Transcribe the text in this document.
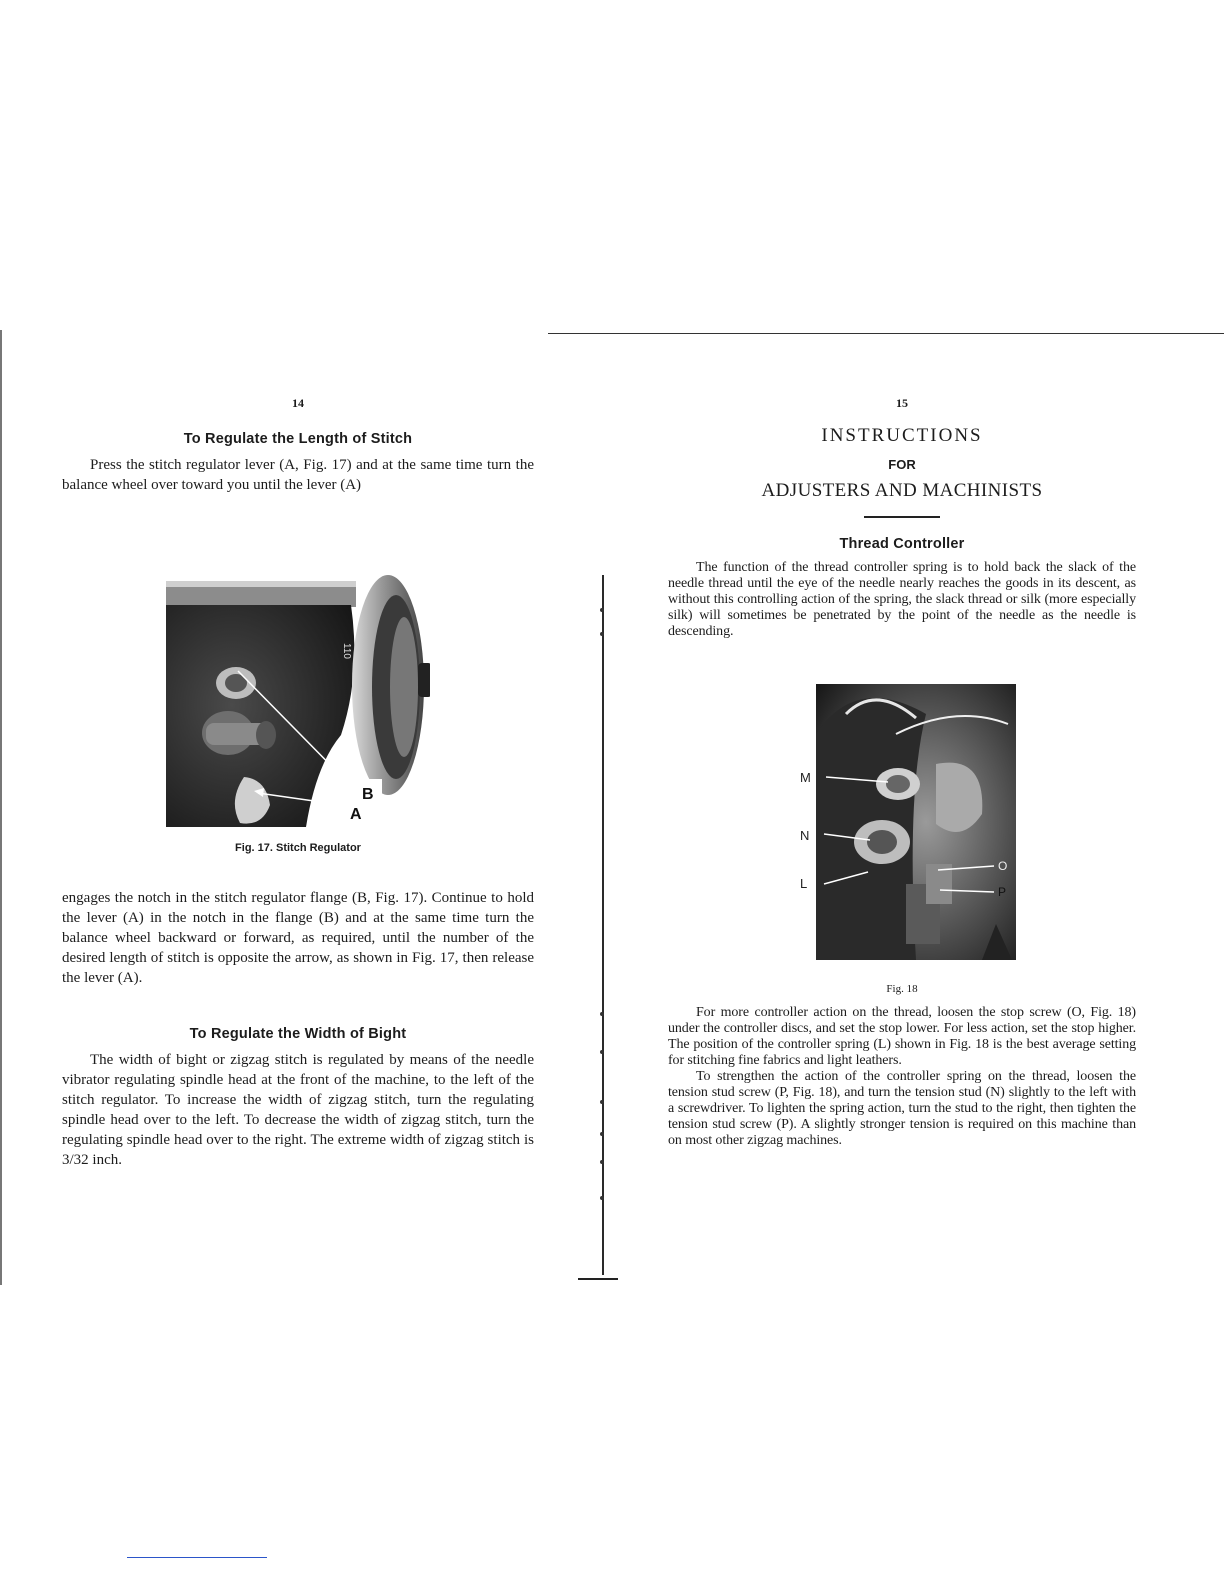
14
To Regulate the Length of Stitch

Press the stitch regulator lever (A, Fig. 17) and at the same time turn the balance wheel over toward you until the lever (A)

110
B
A
Fig. 17. Stitch Regulator

engages the notch in the stitch regulator flange (B, Fig. 17). Continue to hold the lever (A) in the notch in the flange (B) and at the same time turn the balance wheel backward or forward, as required, until the number of the desired length of stitch is opposite the arrow, as shown in Fig. 17, then release the lever (A).

To Regulate the Width of Bight

The width of bight or zigzag stitch is regulated by means of the needle vibrator regulating spindle head at the front of the machine, to the left of the stitch regulator. To increase the width of zigzag stitch, turn the regulating spindle head over to the left. To decrease the width of zigzag stitch, turn the regulating spindle head over to the right. The extreme width of zigzag stitch is 3/32 inch.

15
INSTRUCTIONS
FOR
ADJUSTERS AND MACHINISTS
Thread Controller

The function of the thread controller spring is to hold back the slack of the needle thread until the eye of the needle nearly reaches the goods in its descent, as without this controlling action of the spring, the slack thread or silk (more especially silk) will sometimes be penetrated by the point of the needle as the needle is descending.

M
N
L
O
P
Fig. 18

For more controller action on the thread, loosen the stop screw (O, Fig. 18) under the controller discs, and set the stop lower. For less action, set the stop higher. The position of the controller spring (L) shown in Fig. 18 is the best average setting for stitching fine fabrics and light leathers.

To strengthen the action of the controller spring on the thread, loosen the tension stud screw (P, Fig. 18), and turn the tension stud (N) slightly to the left with a screwdriver. To lighten the spring action, turn the stud to the right, then tighten the tension stud screw (P). A slightly stronger tension is required on this machine than on most other zigzag machines.
